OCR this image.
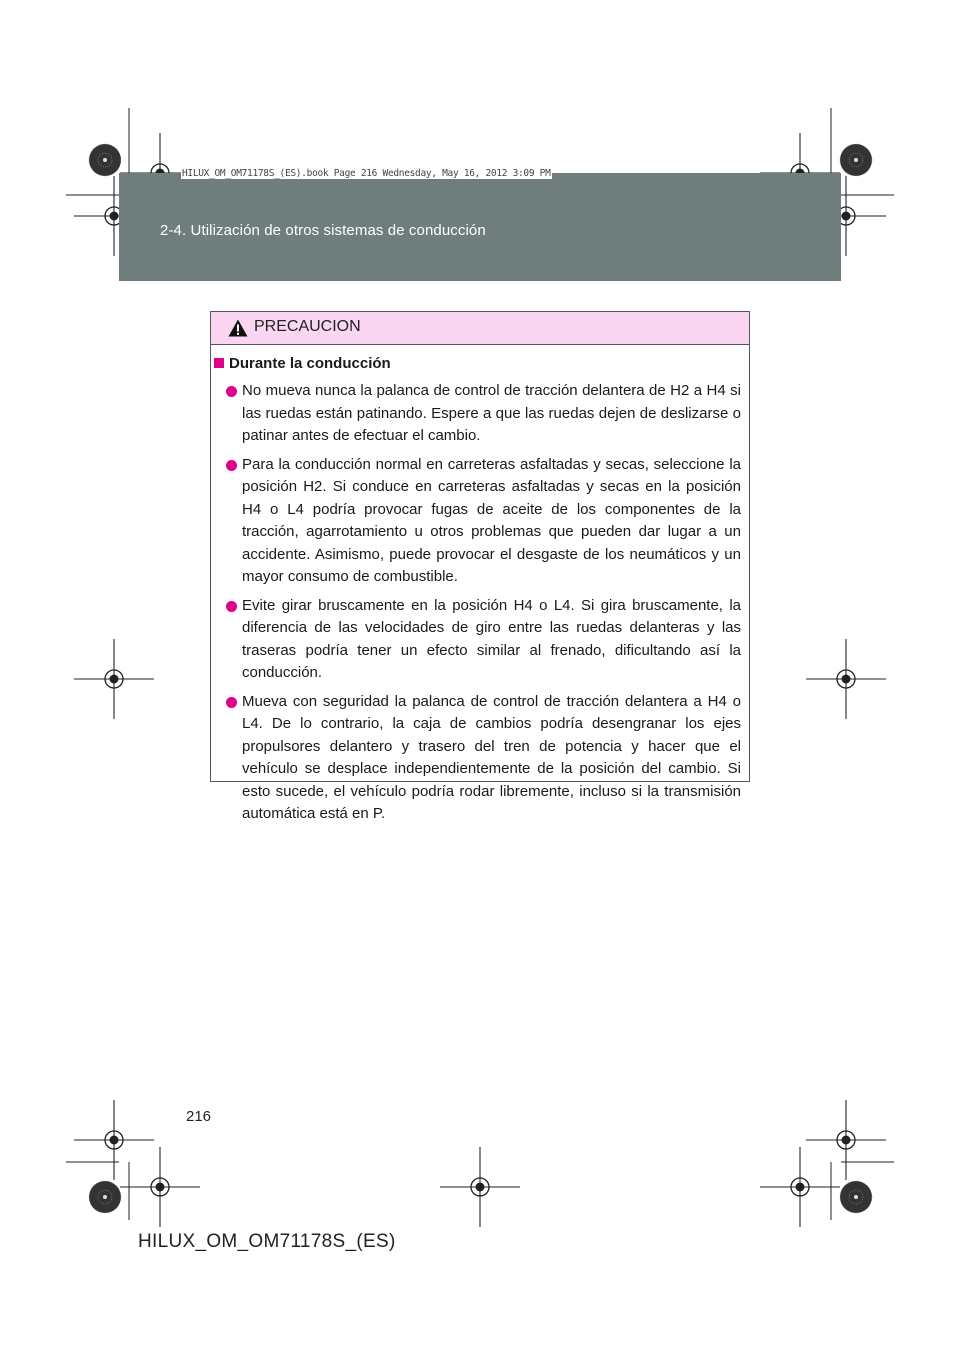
HILUX_OM_OM71178S_(ES).book Page 216 Wednesday, May 16, 2012 3:09 PM
2-4. Utilización de otros sistemas de conducción
PRECAUCION
Durante la conducción
No mueva nunca la palanca de control de tracción delantera de H2 a H4 si las ruedas están patinando. Espere a que las ruedas dejen de deslizarse o patinar antes de efectuar el cambio.
Para la conducción normal en carreteras asfaltadas y secas, seleccione la posición H2. Si conduce en carreteras asfaltadas y secas en la posición H4 o L4 podría provocar fugas de aceite de los componentes de la tracción, agarrotamiento u otros problemas que pueden dar lugar a un accidente. Asimismo, puede provocar el desgaste de los neumáticos y un mayor consumo de combustible.
Evite girar bruscamente en la posición H4 o L4. Si gira bruscamente, la diferencia de las velocidades de giro entre las ruedas delanteras y las traseras podría tener un efecto similar al frenado, dificultando así la conducción.
Mueva con seguridad la palanca de control de tracción delantera a H4 o L4. De lo contrario, la caja de cambios podría desengranar los ejes propulsores delantero y trasero del tren de potencia y hacer que el vehículo se desplace independientemente de la posición del cambio. Si esto sucede, el vehículo podría rodar libremente, incluso si la transmisión automática está en P.
216
HILUX_OM_OM71178S_(ES)
